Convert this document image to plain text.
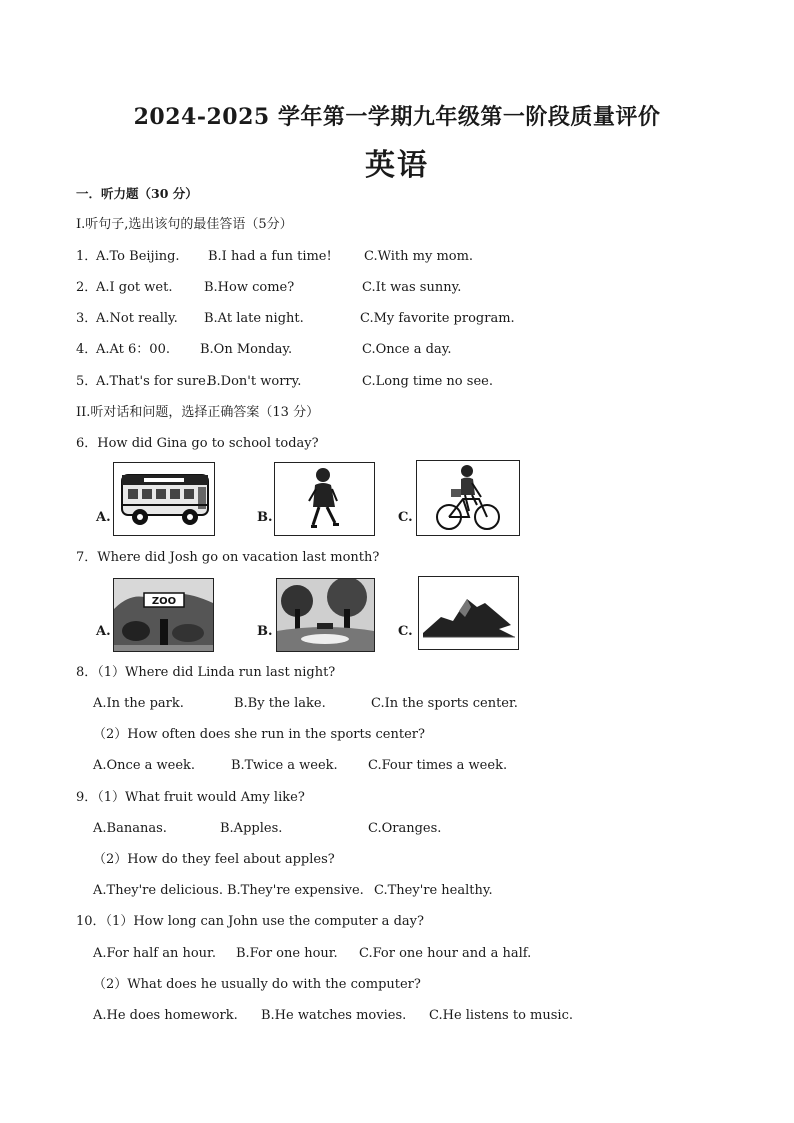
2024-2025 学年第一学期九年级第一阶段质量评价
英语
一．听力题（30 分）
I.听句子,选出该句的最佳答语（5分）
1．
A.To Beijing. B.I had a fun time! C.With my mom.
2．
A.I got wet. B.How come?	C.It was sunny.
3．
A.Not really. B.At late night.	C.My favorite program.
4．
A.At 6：00. B.On Monday.	C.Once a day.
5．
A.That's for sure.
B.Don't worry.	C.Long time no see.
II.听对话和问题，选择正确答案（13 分）
6．How did Gina go to school today?
A.	B.	C.
7．Where did Josh go on vacation last month?
A.
ZOO
B.	C.
8．（1）Where did Linda run last night?
A.In the park.	B.By the lake.	C.In the sports center.
（2）How often does she run in the sports center?
A.Once a week.	B.Twice a week. C.Four times a week.
9．（1）What fruit would Amy like?
A.Bananas.	B.Apples.	C.Oranges.
（2）How do they feel about apples?
A.They're delicious. B.They're expensive. C.They're healthy.
10．（1）How long can John use the computer a day?
A.For half an hour. B.For one hour. C.For one hour and a half.
（2）What does he usually do with the computer?
A.He does homework. B.He watches movies. C.He listens to music.
